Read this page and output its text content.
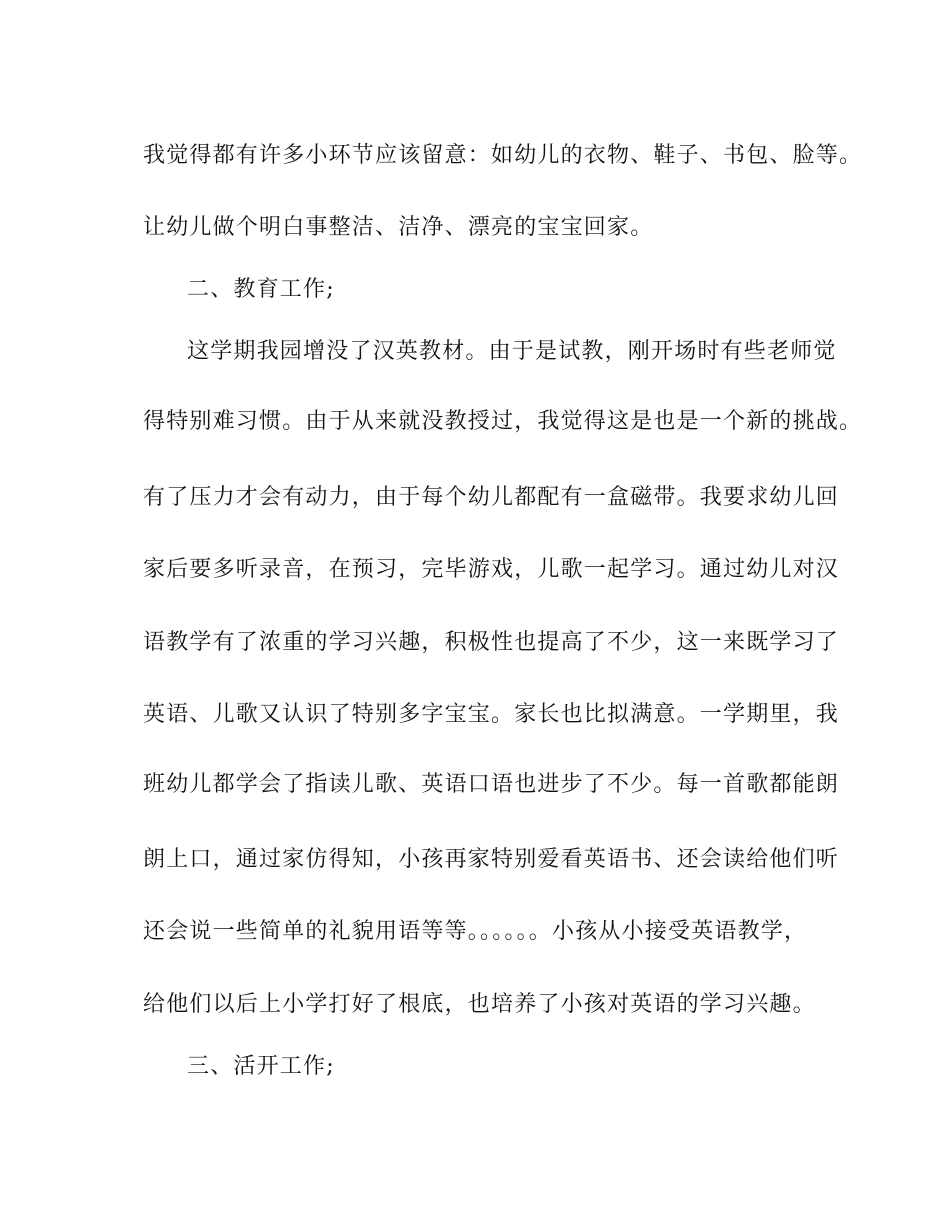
我觉得都有许多小环节应该留意：如幼儿的衣物、鞋子、书包、脸等。
让幼儿做个明白事整洁、洁净、漂亮的宝宝回家。
二、教育工作;
这学期我园增没了汉英教材。由于是试教，刚开场时有些老师觉
得特别难习惯。由于从来就没教授过，我觉得这是也是一个新的挑战。
有了压力才会有动力，由于每个幼儿都配有一盒磁带。我要求幼儿回
家后要多听录音，在预习，完毕游戏，儿歌一起学习。通过幼儿对汉
语教学有了浓重的学习兴趣，积极性也提高了不少，这一来既学习了
英语、儿歌又认识了特别多字宝宝。家长也比拟满意。一学期里，我
班幼儿都学会了指读儿歌、英语口语也进步了不少。每一首歌都能朗
朗上口，通过家仿得知，小孩再家特别爱看英语书、还会读给他们听
还会说一些简单的礼貌用语等等。。。。。。小孩从小接受英语教学，
给他们以后上小学打好了根底，也培养了小孩对英语的学习兴趣。
三、活开工作;
